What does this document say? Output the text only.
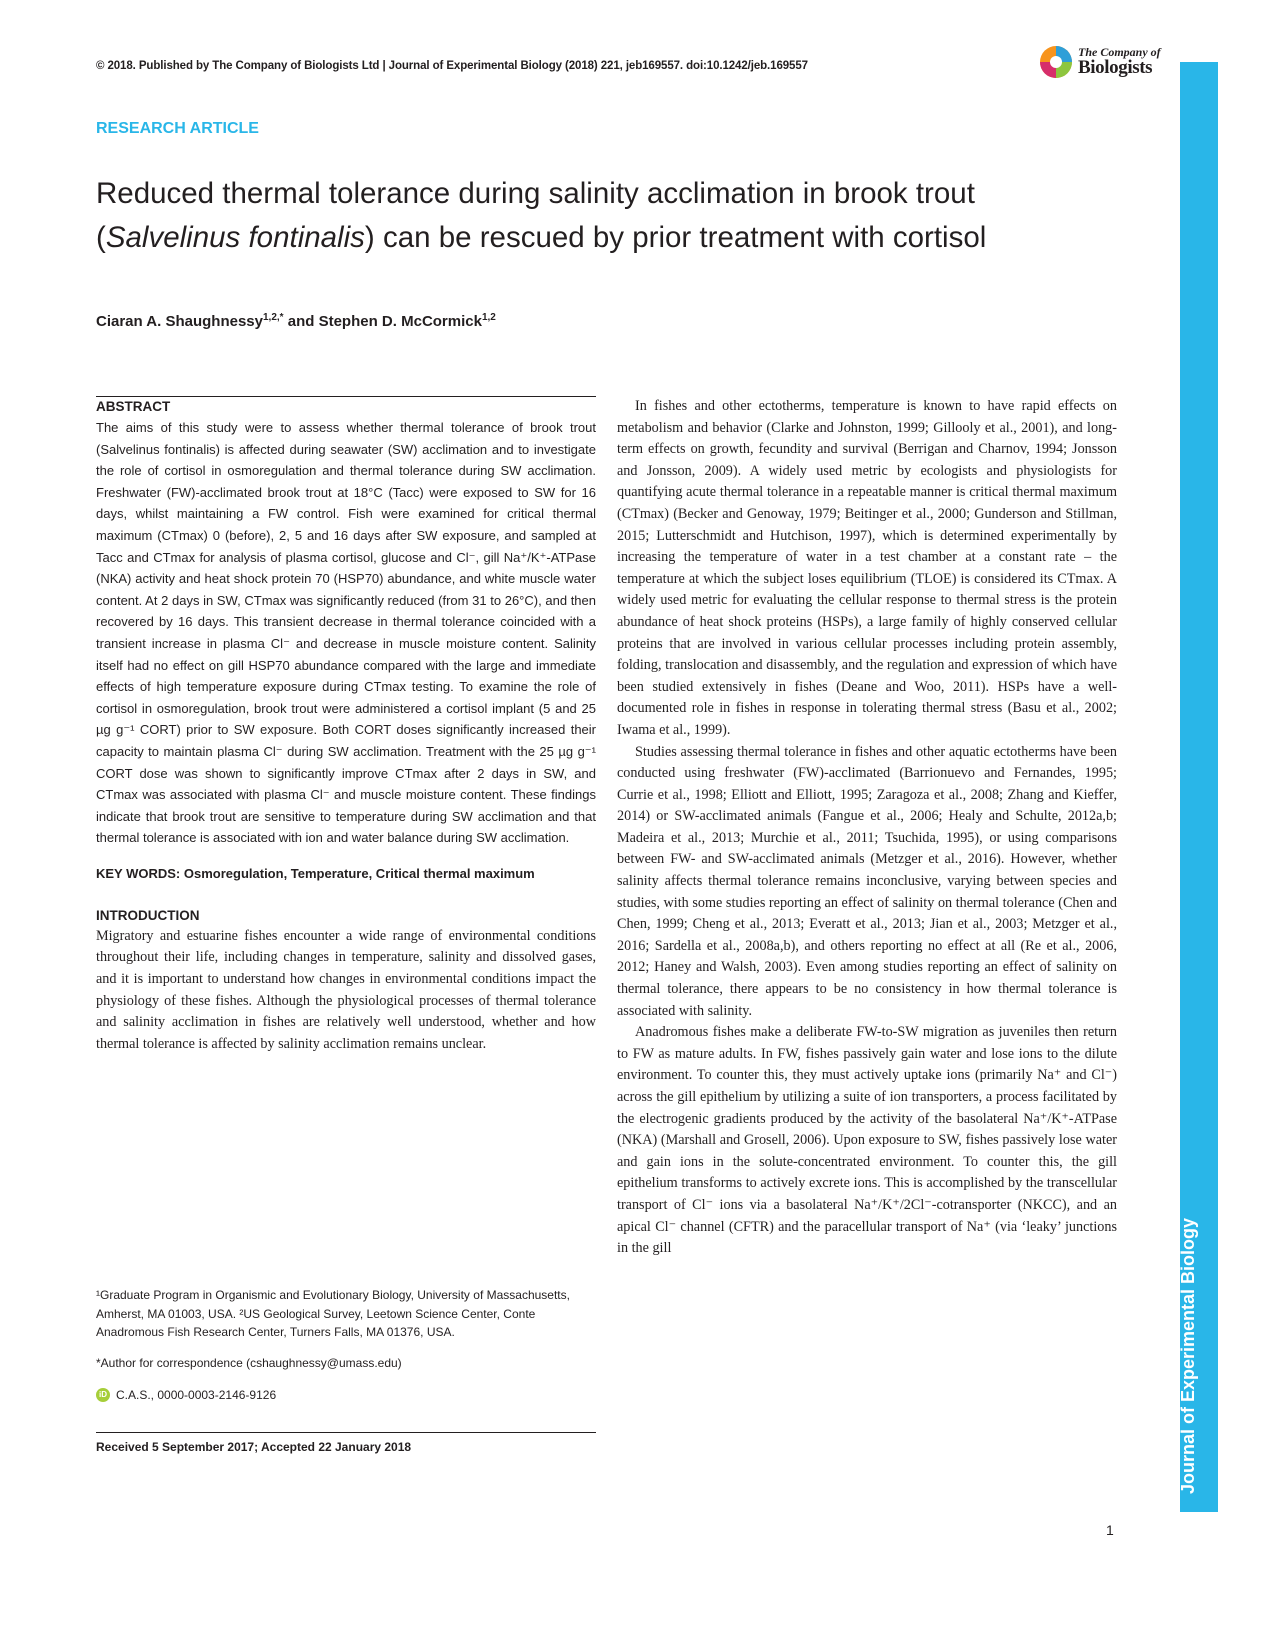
© 2018. Published by The Company of Biologists Ltd | Journal of Experimental Biology (2018) 221, jeb169557. doi:10.1242/jeb.169557
The Company of
Biologists
Journal of Experimental Biology
RESEARCH ARTICLE
Reduced thermal tolerance during salinity acclimation in brook trout (Salvelinus fontinalis) can be rescued by prior treatment with cortisol
Ciaran A. Shaughnessy$^{1,2,*}$ and Stephen D. McCormick$^{1,2}$
ABSTRACT

The aims of this study were to assess whether thermal tolerance of brook trout (Salvelinus fontinalis) is affected during seawater (SW) acclimation and to investigate the role of cortisol in osmoregulation and thermal tolerance during SW acclimation. Freshwater (FW)-acclimated brook trout at 18°C (Tacc) were exposed to SW for 16 days, whilst maintaining a FW control. Fish were examined for critical thermal maximum (CTmax) 0 (before), 2, 5 and 16 days after SW exposure, and sampled at Tacc and CTmax for analysis of plasma cortisol, glucose and Cl⁻, gill Na⁺/K⁺-ATPase (NKA) activity and heat shock protein 70 (HSP70) abundance, and white muscle water content. At 2 days in SW, CTmax was significantly reduced (from 31 to 26°C), and then recovered by 16 days. This transient decrease in thermal tolerance coincided with a transient increase in plasma Cl⁻ and decrease in muscle moisture content. Salinity itself had no effect on gill HSP70 abundance compared with the large and immediate effects of high temperature exposure during CTmax testing. To examine the role of cortisol in osmoregulation, brook trout were administered a cortisol implant (5 and 25 µg g⁻¹ CORT) prior to SW exposure. Both CORT doses significantly increased their capacity to maintain plasma Cl⁻ during SW acclimation. Treatment with the 25 µg g⁻¹ CORT dose was shown to significantly improve CTmax after 2 days in SW, and CTmax was associated with plasma Cl⁻ and muscle moisture content. These findings indicate that brook trout are sensitive to temperature during SW acclimation and that thermal tolerance is associated with ion and water balance during SW acclimation.

KEY WORDS: Osmoregulation, Temperature, Critical thermal maximum

INTRODUCTION

Migratory and estuarine fishes encounter a wide range of environmental conditions throughout their life, including changes in temperature, salinity and dissolved gases, and it is important to understand how changes in environmental conditions impact the physiology of these fishes. Although the physiological processes of thermal tolerance and salinity acclimation in fishes are relatively well understood, whether and how thermal tolerance is affected by salinity acclimation remains unclear.

In fishes and other ectotherms, temperature is known to have rapid effects on metabolism and behavior (Clarke and Johnston, 1999; Gillooly et al., 2001), and long-term effects on growth, fecundity and survival (Berrigan and Charnov, 1994; Jonsson and Jonsson, 2009). A widely used metric by ecologists and physiologists for quantifying acute thermal tolerance in a repeatable manner is critical thermal maximum (CTmax) (Becker and Genoway, 1979; Beitinger et al., 2000; Gunderson and Stillman, 2015; Lutterschmidt and Hutchison, 1997), which is determined experimentally by increasing the temperature of water in a test chamber at a constant rate – the temperature at which the subject loses equilibrium (TLOE) is considered its CTmax. A widely used metric for evaluating the cellular response to thermal stress is the protein abundance of heat shock proteins (HSPs), a large family of highly conserved cellular proteins that are involved in various cellular processes including protein assembly, folding, translocation and disassembly, and the regulation and expression of which have been studied extensively in fishes (Deane and Woo, 2011). HSPs have a well-documented role in fishes in response in tolerating thermal stress (Basu et al., 2002; Iwama et al., 1999).

Studies assessing thermal tolerance in fishes and other aquatic ectotherms have been conducted using freshwater (FW)-acclimated (Barrionuevo and Fernandes, 1995; Currie et al., 1998; Elliott and Elliott, 1995; Zaragoza et al., 2008; Zhang and Kieffer, 2014) or SW-acclimated animals (Fangue et al., 2006; Healy and Schulte, 2012a,b; Madeira et al., 2013; Murchie et al., 2011; Tsuchida, 1995), or using comparisons between FW- and SW-acclimated animals (Metzger et al., 2016). However, whether salinity affects thermal tolerance remains inconclusive, varying between species and studies, with some studies reporting an effect of salinity on thermal tolerance (Chen and Chen, 1999; Cheng et al., 2013; Everatt et al., 2013; Jian et al., 2003; Metzger et al., 2016; Sardella et al., 2008a,b), and others reporting no effect at all (Re et al., 2006, 2012; Haney and Walsh, 2003). Even among studies reporting an effect of salinity on thermal tolerance, there appears to be no consistency in how thermal tolerance is associated with salinity.

Anadromous fishes make a deliberate FW-to-SW migration as juveniles then return to FW as mature adults. In FW, fishes passively gain water and lose ions to the dilute environment. To counter this, they must actively uptake ions (primarily Na⁺ and Cl⁻) across the gill epithelium by utilizing a suite of ion transporters, a process facilitated by the electrogenic gradients produced by the activity of the basolateral Na⁺/K⁺-ATPase (NKA) (Marshall and Grosell, 2006). Upon exposure to SW, fishes passively lose water and gain ions in the solute-concentrated environment. To counter this, the gill epithelium transforms to actively excrete ions. This is accomplished by the transcellular transport of Cl⁻ ions via a basolateral Na⁺/K⁺/2Cl⁻-cotransporter (NKCC), and an apical Cl⁻ channel (CFTR) and the paracellular transport of Na⁺ (via ‘leaky’ junctions in the gill

¹Graduate Program in Organismic and Evolutionary Biology, University of Massachusetts, Amherst, MA 01003, USA. ²US Geological Survey, Leetown Science Center, Conte Anadromous Fish Research Center, Turners Falls, MA 01376, USA.

*Author for correspondence (cshaughnessy@umass.edu)

iD C.A.S., 0000-0003-2146-9126

Received 5 September 2017; Accepted 22 January 2018
1
